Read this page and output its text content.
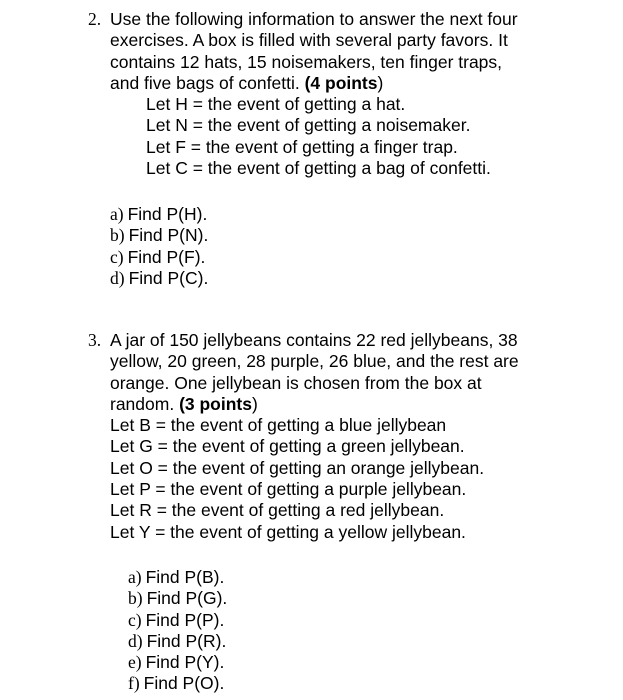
2. Use the following information to answer the next four
exercises. A box is filled with several party favors. It
contains 12 hats, 15 noisemakers, ten finger traps,
and five bags of confetti. (4 points)
Let H = the event of getting a hat.
Let N = the event of getting a noisemaker.
Let F = the event of getting a finger trap.
Let C = the event of getting a bag of confetti.
a) Find P(H).
b) Find P(N).
c) Find P(F).
d) Find P(C).
3. A jar of 150 jellybeans contains 22 red jellybeans, 38
yellow, 20 green, 28 purple, 26 blue, and the rest are
orange. One jellybean is chosen from the box at
random. (3 points)
Let B = the event of getting a blue jellybean
Let G = the event of getting a green jellybean.
Let O = the event of getting an orange jellybean.
Let P = the event of getting a purple jellybean.
Let R = the event of getting a red jellybean.
Let Y = the event of getting a yellow jellybean.
a) Find P(B).
b) Find P(G).
c) Find P(P).
d) Find P(R).
e) Find P(Y).
f) Find P(O).
